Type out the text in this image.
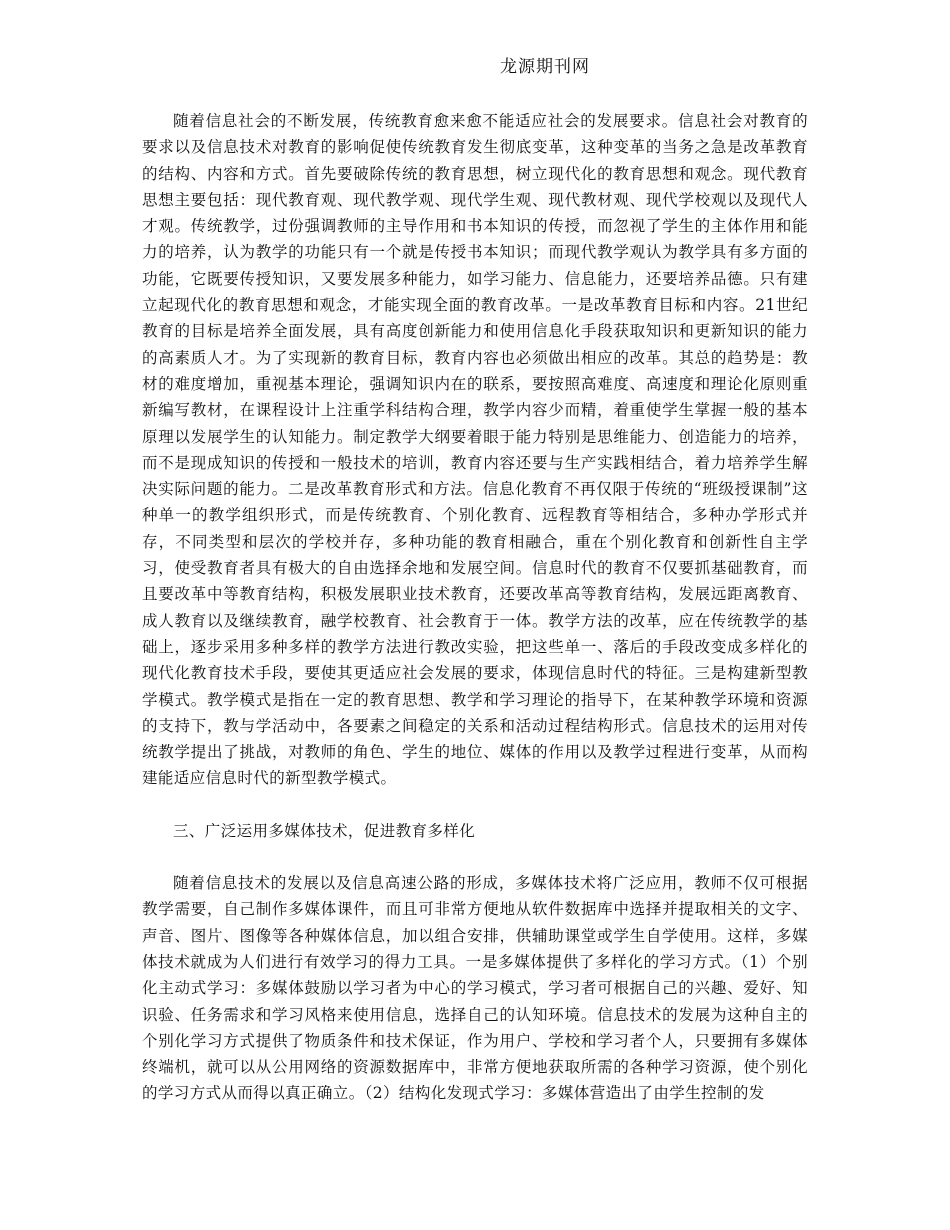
龙源期刊网

随着信息社会的不断发展，传统教育愈来愈不能适应社会的发展要求。信息社会对教育的要求以及信息技术对教育的影响促使传统教育发生彻底变革，这种变革的当务之急是改革教育的结构、内容和方式。首先要破除传统的教育思想，树立现代化的教育思想和观念。现代教育思想主要包括：现代教育观、现代教学观、现代学生观、现代教材观、现代学校观以及现代人才观。传统教学，过份强调教师的主导作用和书本知识的传授，而忽视了学生的主体作用和能力的培养，认为教学的功能只有一个就是传授书本知识；而现代教学观认为教学具有多方面的功能，它既要传授知识，又要发展多种能力，如学习能力、信息能力，还要培养品德。只有建立起现代化的教育思想和观念，才能实现全面的教育改革。一是改革教育目标和内容。21世纪教育的目标是培养全面发展，具有高度创新能力和使用信息化手段获取知识和更新知识的能力的高素质人才。为了实现新的教育目标，教育内容也必须做出相应的改革。其总的趋势是：教材的难度增加，重视基本理论，强调知识内在的联系，要按照高难度、高速度和理论化原则重新编写教材，在课程设计上注重学科结构合理，教学内容少而精，着重使学生掌握一般的基本原理以发展学生的认知能力。制定教学大纲要着眼于能力特别是思维能力、创造能力的培养，而不是现成知识的传授和一般技术的培训，教育内容还要与生产实践相结合，着力培养学生解决实际问题的能力。二是改革教育形式和方法。信息化教育不再仅限于传统的“班级授课制”这种单一的教学组织形式，而是传统教育、个别化教育、远程教育等相结合，多种办学形式并存，不同类型和层次的学校并存，多种功能的教育相融合，重在个别化教育和创新性自主学习，使受教育者具有极大的自由选择余地和发展空间。信息时代的教育不仅要抓基础教育，而且要改革中等教育结构，积极发展职业技术教育，还要改革高等教育结构，发展远距离教育、成人教育以及继续教育，融学校教育、社会教育于一体。教学方法的改革，应在传统教学的基础上，逐步采用多种多样的教学方法进行教改实验，把这些单一、落后的手段改变成多样化的现代化教育技术手段，要使其更适应社会发展的要求，体现信息时代的特征。三是构建新型教学模式。教学模式是指在一定的教育思想、教学和学习理论的指导下，在某种教学环境和资源的支持下，教与学活动中，各要素之间稳定的关系和活动过程结构形式。信息技术的运用对传统教学提出了挑战，对教师的角色、学生的地位、媒体的作用以及教学过程进行变革，从而构建能适应信息时代的新型教学模式。

三、广泛运用多媒体技术，促进教育多样化

随着信息技术的发展以及信息高速公路的形成，多媒体技术将广泛应用，教师不仅可根据教学需要，自己制作多媒体课件，而且可非常方便地从软件数据库中选择并提取相关的文字、声音、图片、图像等各种媒体信息，加以组合安排，供辅助课堂或学生自学使用。这样，多媒体技术就成为人们进行有效学习的得力工具。一是多媒体提供了多样化的学习方式。（1）个别化主动式学习：多媒体鼓励以学习者为中心的学习模式，学习者可根据自己的兴趣、爱好、知识验、任务需求和学习风格来使用信息，选择自己的认知环境。信息技术的发展为这种自主的个别化学习方式提供了物质条件和技术保证，作为用户、学校和学习者个人，只要拥有多媒体终端机，就可以从公用网络的资源数据库中，非常方便地获取所需的各种学习资源，使个别化的学习方式从而得以真正确立。（2）结构化发现式学习：多媒体营造出了由学生控制的发
